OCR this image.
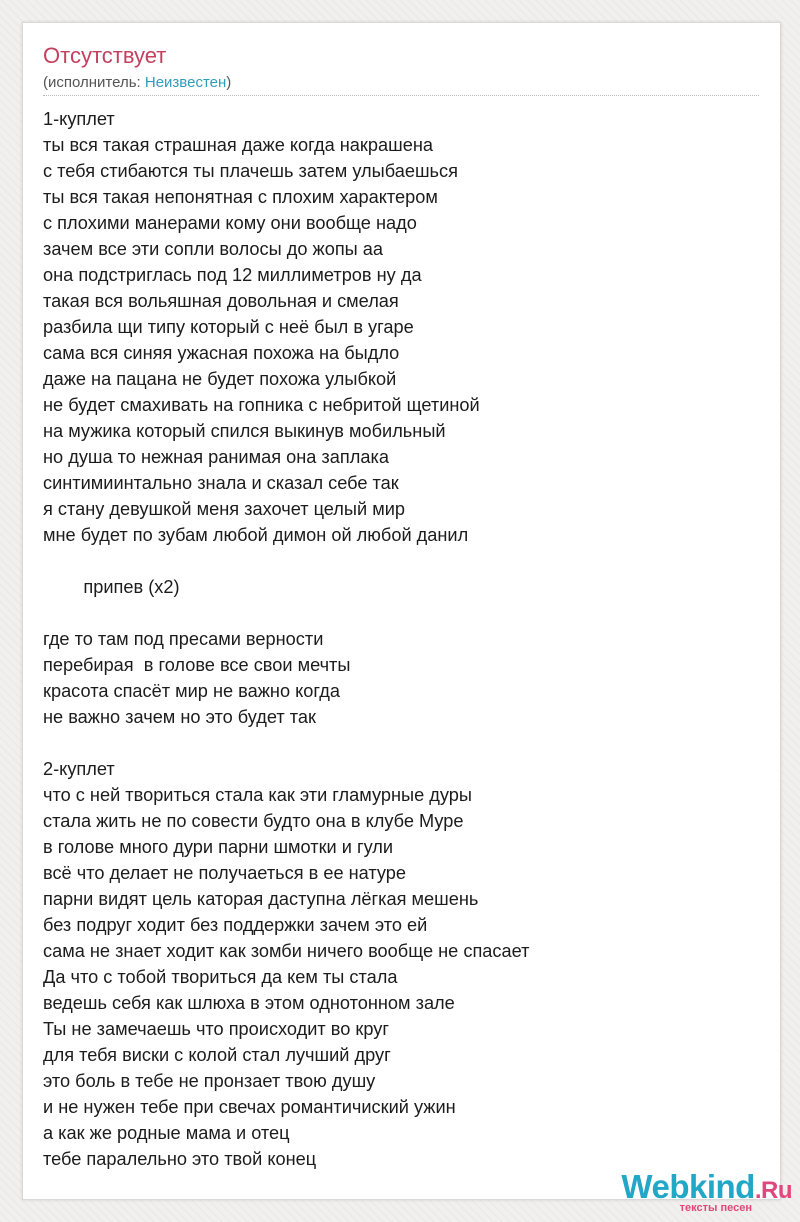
Отсутствует
(исполнитель: Неизвестен)
1-куплет
ты вся такая страшная даже когда накрашена
с тебя стибаются ты плачешь затем улыбаешься
ты вся такая непонятная с плохим характером
с плохими манерами кому они вообще надо
зачем все эти сопли волосы до жопы аа
она подстриглась под 12 миллиметров ну да
такая вся вольяшная довольная и смелая
разбила щи типу который с неё был в угаре
сама вся синяя ужасная похожа на быдло
даже на пацана не будет похожа улыбкой
не будет смахивать на гопника с небритой щетиной
на мужика который спился выкинув мобильный
но душа то нежная ранимая она заплака
синтимиинтально знала и сказал себе так
я стану девушкой меня захочет целый мир
мне будет по зубам любой димон ой любой данил
припев (х2)
где то там под пресами верности
перебирая  в голове все свои мечты
красота спасёт мир не важно когда
не важно зачем но это будет так
2-куплет
что с ней твориться стала как эти гламурные дуры
стала жить не по совести будто она в клубе Муре
в голове много дури парни шмотки и гули
всё что делает не получаеться в ее натуре
парни видят цель каторая даступна лёгкая мешень
без подруг ходит без поддержки зачем это ей
сама не знает ходит как зомби ничего вообще не спасает
Да что с тобой твориться да кем ты стала
ведешь себя как шлюха в этом однотонном зале
Ты не замечаешь что происходит во круг
для тебя виски с колой стал лучший друг
это боль в тебе не пронзает твою душу
и не нужен тебе при свечах романтичиский ужин
а как же родные мама и отец
тебе паралельно это твой конец
Webkind.Ru
тексты песен
